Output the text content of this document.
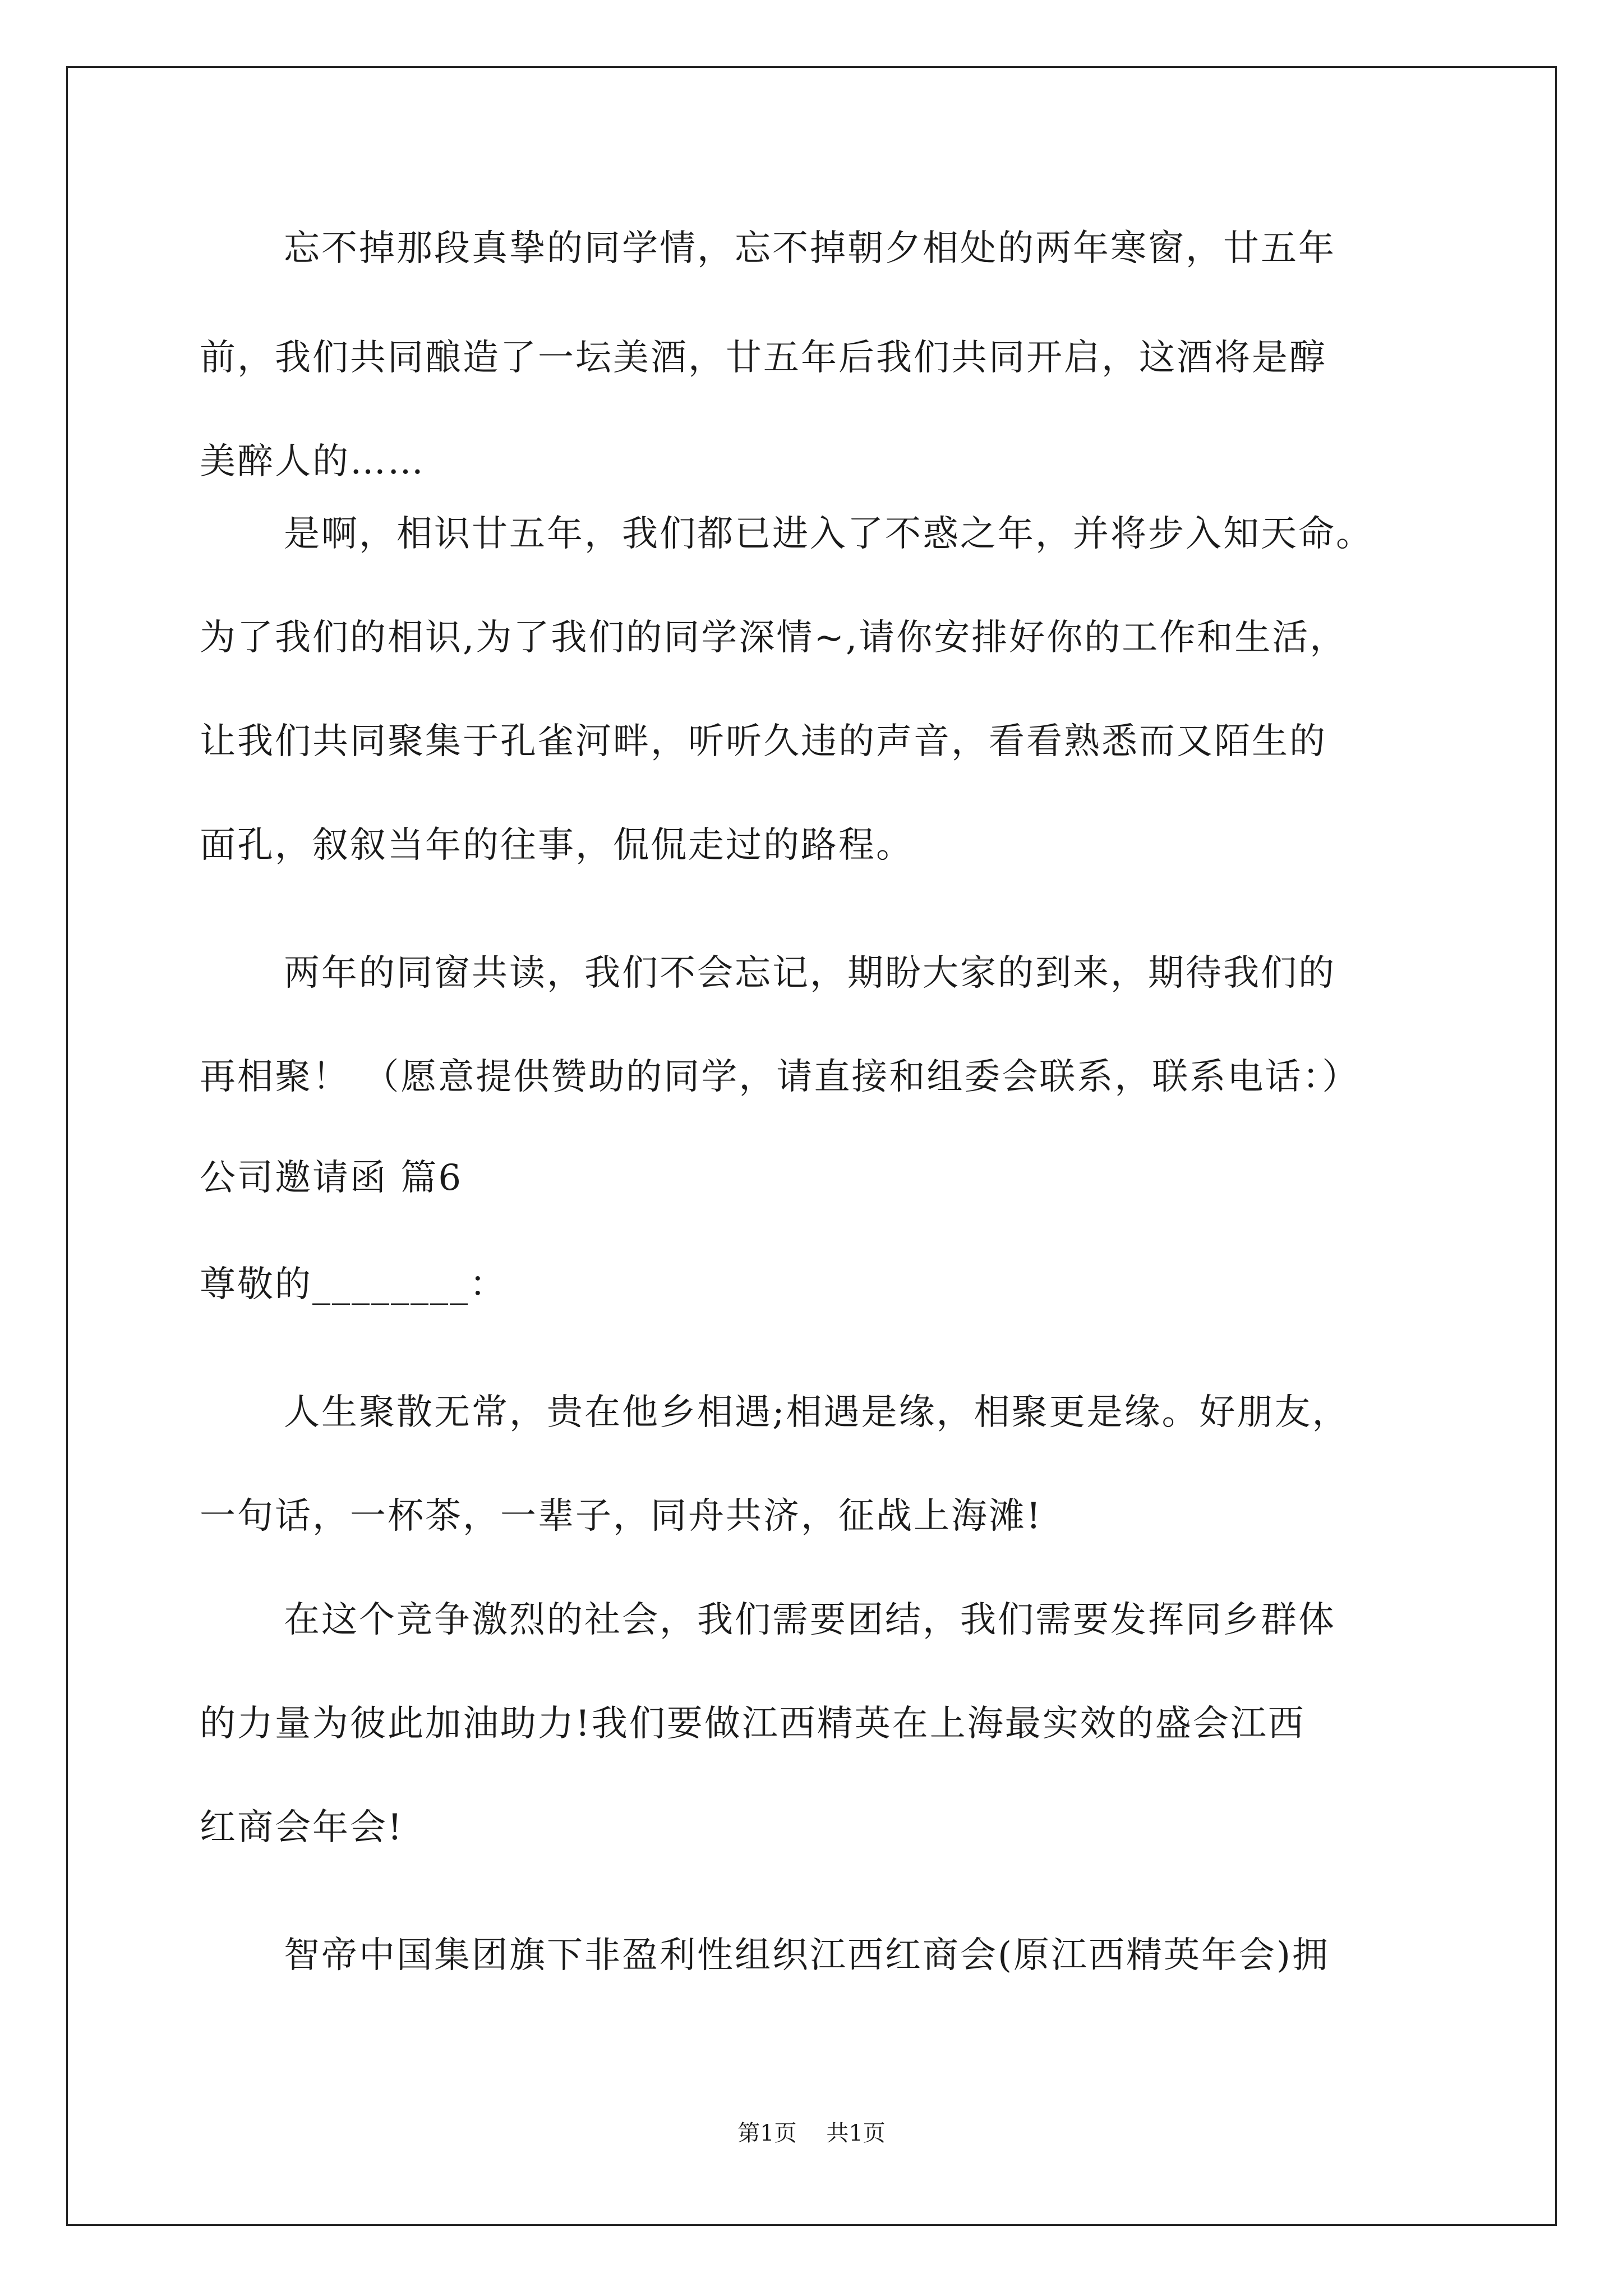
忘不掉那段真挚的同学情，忘不掉朝夕相处的两年寒窗，廿五年
前，我们共同酿造了一坛美酒，廿五年后我们共同开启，这酒将是醇
美醉人的……
是啊，相识廿五年，我们都已进入了不惑之年，并将步入知天命。
为了我们的相识,为了我们的同学深情~,请你安排好你的工作和生活，
让我们共同聚集于孔雀河畔，听听久违的声音，看看熟悉而又陌生的
面孔，叙叙当年的往事，侃侃走过的路程。
两年的同窗共读，我们不会忘记，期盼大家的到来，期待我们的
再相聚！ （愿意提供赞助的同学，请直接和组委会联系，联系电话：）
公司邀请函 篇6
尊敬的________：
人生聚散无常，贵在他乡相遇;相遇是缘，相聚更是缘。好朋友，
一句话，一杯茶，一辈子，同舟共济，征战上海滩!
在这个竞争激烈的社会，我们需要团结，我们需要发挥同乡群体
的力量为彼此加油助力!我们要做江西精英在上海最实效的盛会江西
红商会年会!
智帝中国集团旗下非盈利性组织江西红商会(原江西精英年会)拥
第1页 共1页
